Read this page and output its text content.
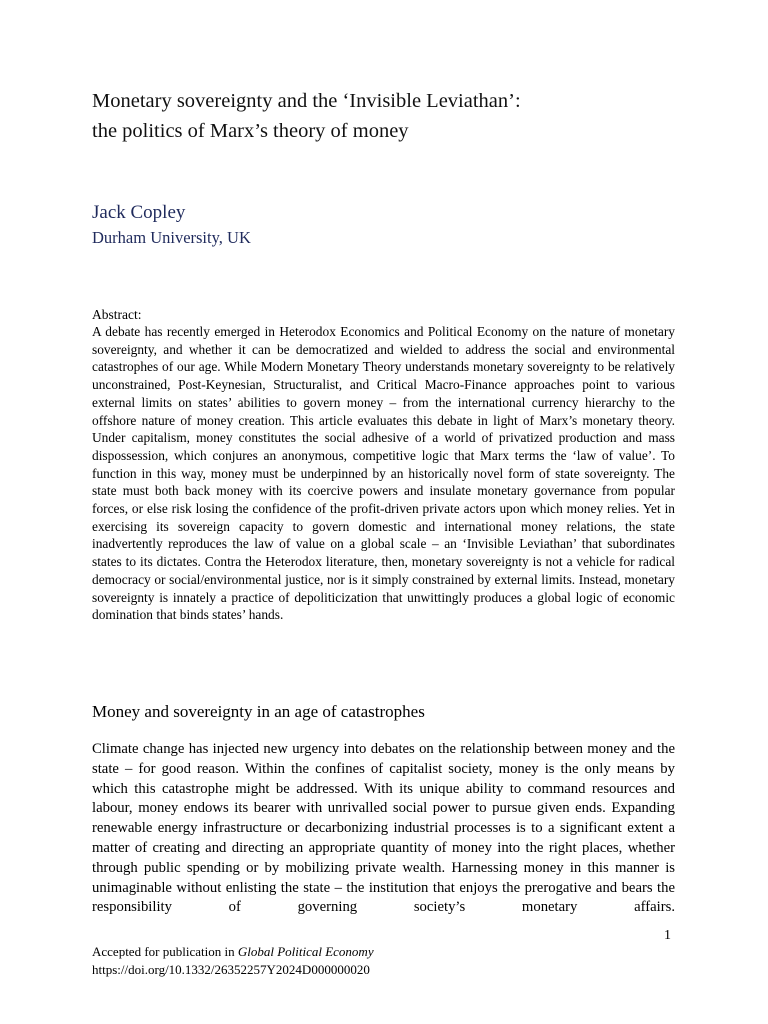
Monetary sovereignty and the ‘Invisible Leviathan’:
the politics of Marx’s theory of money
Jack Copley
Durham University, UK
Abstract:
A debate has recently emerged in Heterodox Economics and Political Economy on the nature of monetary sovereignty, and whether it can be democratized and wielded to address the social and environmental catastrophes of our age. While Modern Monetary Theory understands monetary sovereignty to be relatively unconstrained, Post-Keynesian, Structuralist, and Critical Macro-Finance approaches point to various external limits on states’ abilities to govern money – from the international currency hierarchy to the offshore nature of money creation. This article evaluates this debate in light of Marx’s monetary theory. Under capitalism, money constitutes the social adhesive of a world of privatized production and mass dispossession, which conjures an anonymous, competitive logic that Marx terms the ‘law of value’. To function in this way, money must be underpinned by an historically novel form of state sovereignty. The state must both back money with its coercive powers and insulate monetary governance from popular forces, or else risk losing the confidence of the profit-driven private actors upon which money relies. Yet in exercising its sovereign capacity to govern domestic and international money relations, the state inadvertently reproduces the law of value on a global scale – an ‘Invisible Leviathan’ that subordinates states to its dictates. Contra the Heterodox literature, then, monetary sovereignty is not a vehicle for radical democracy or social/environmental justice, nor is it simply constrained by external limits. Instead, monetary sovereignty is innately a practice of depoliticization that unwittingly produces a global logic of economic domination that binds states’ hands.
Money and sovereignty in an age of catastrophes
Climate change has injected new urgency into debates on the relationship between money and the state – for good reason. Within the confines of capitalist society, money is the only means by which this catastrophe might be addressed. With its unique ability to command resources and labour, money endows its bearer with unrivalled social power to pursue given ends. Expanding renewable energy infrastructure or decarbonizing industrial processes is to a significant extent a matter of creating and directing an appropriate quantity of money into the right places, whether through public spending or by mobilizing private wealth. Harnessing money in this manner is unimaginable without enlisting the state – the institution that enjoys the prerogative and bears the responsibility of governing society’s monetary affairs.
1
Accepted for publication in Global Political Economy
https://doi.org/10.1332/26352257Y2024D000000020
